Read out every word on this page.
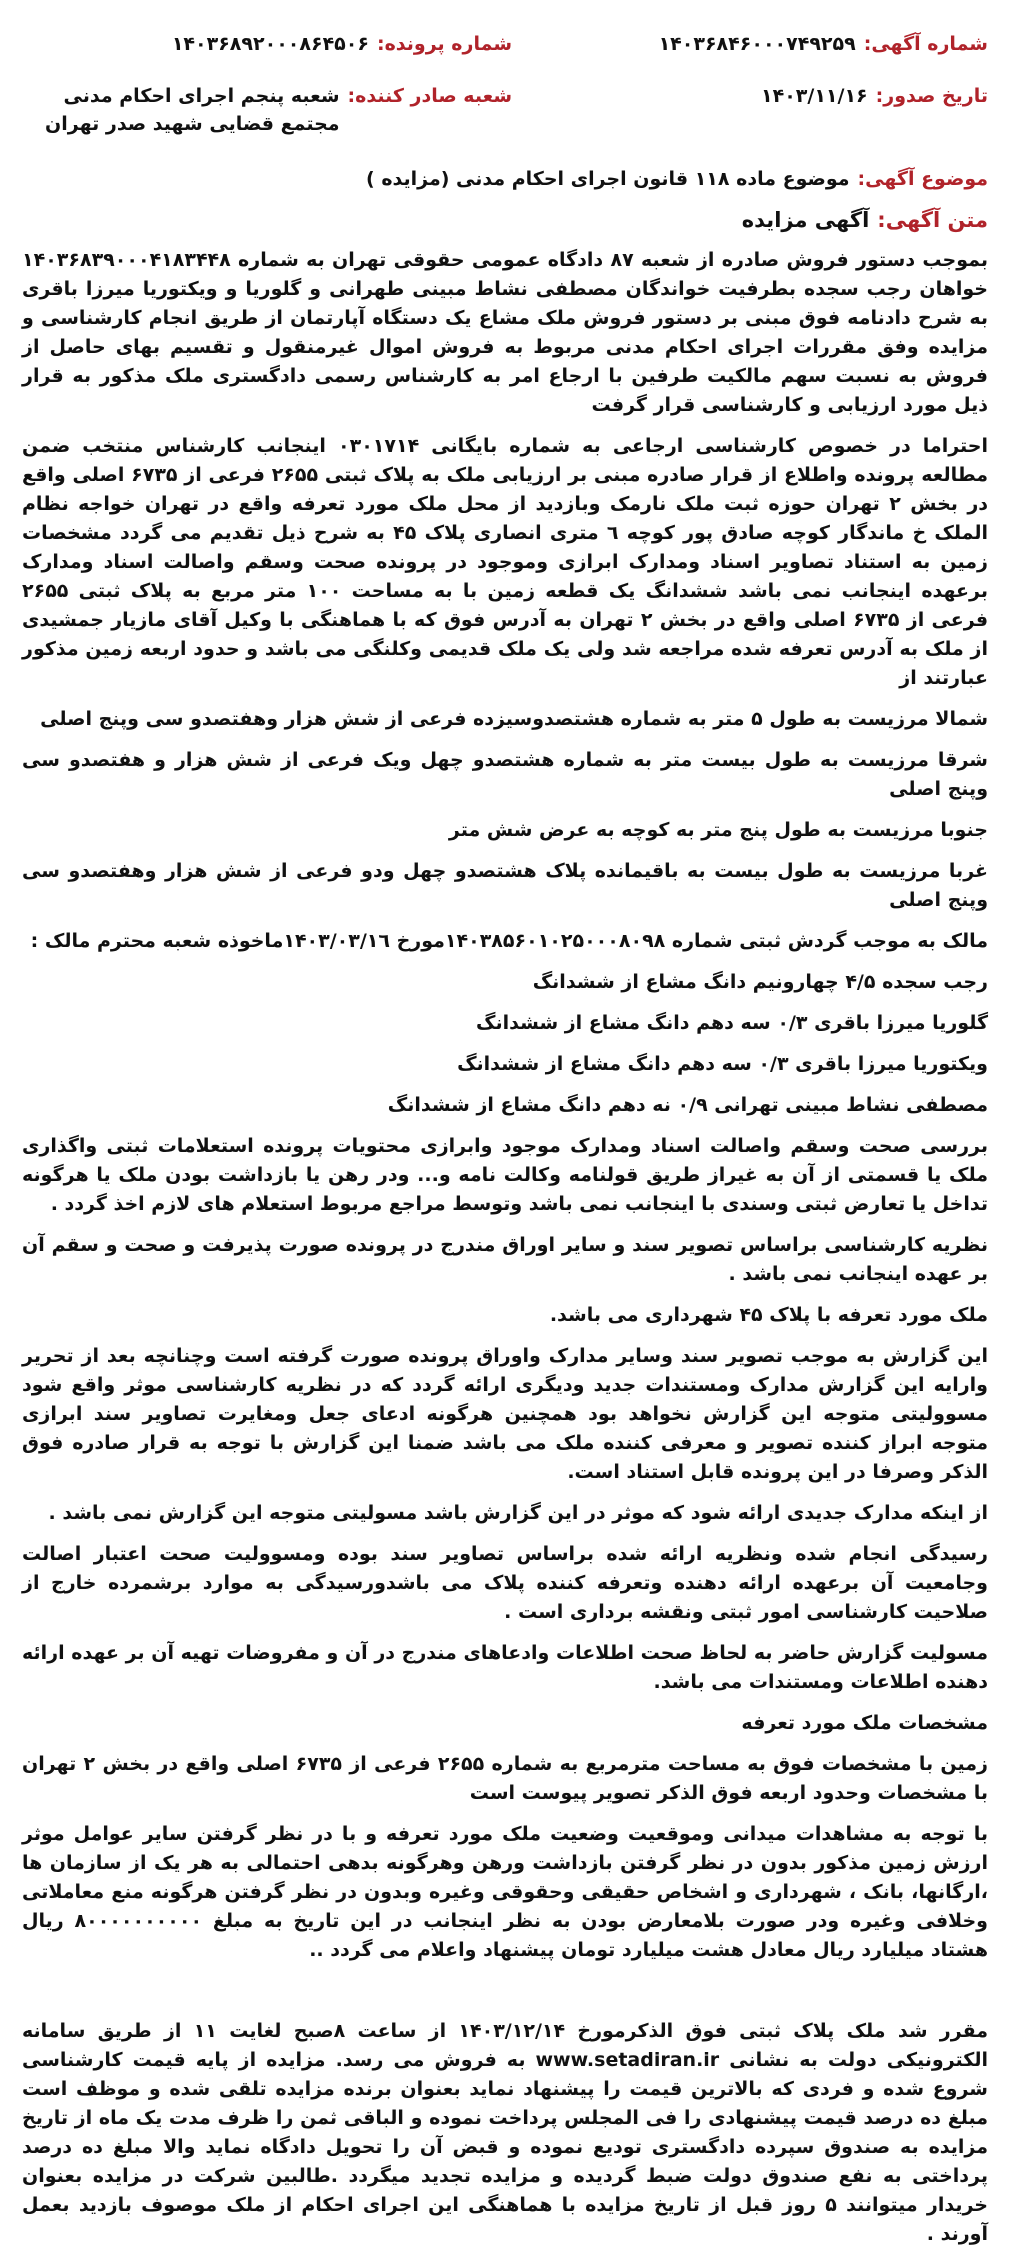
شماره آگهی:
۱۴۰۳۶۸۴۶۰۰۰۷۴۹۲۵۹
تاریخ صدور:
۱۴۰۳/۱۱/۱۶
شماره پرونده:
۱۴۰۳۶۸۹۲۰۰۰۸۶۴۵۰۶
شعبه صادر کننده:
شعبه پنجم اجرای احکام مدنی مجتمع قضایی شهید صدر تهران
موضوع آگهی:
موضوع ماده ۱۱۸ قانون اجرای احکام مدنی (مزایده )
متن آگهی:
آگهی مزایده

بموجب دستور فروش صادره از شعبه ۸۷ دادگاه عمومی حقوقی تهران به شماره ۱۴۰۳۶۸۳۹۰۰۰۴۱۸۳۴۴۸ خواهان رجب سجده بطرفیت خواندگان مصطفی نشاط مبینی طهرانی و گلوریا و ویکتوریا میرزا باقری به شرح دادنامه فوق مبنی بر دستور فروش ملک مشاع یک دستگاه آپارتمان از طریق انجام کارشناسی و مزایده وفق مقررات اجرای احکام مدنی مربوط به فروش اموال غیرمنقول و تقسیم بهای حاصل از فروش به نسبت سهم مالکیت طرفین با ارجاع امر به کارشناس رسمی دادگستری ملک مذکور به قرار ذیل مورد ارزیابی و کارشناسی قرار گرفت

احتراما در خصوص کارشناسی ارجاعی به شماره بایگانی ۰۳۰۱۷۱۴ اینجانب کارشناس منتخب ضمن مطالعه پرونده واطلاع از قرار صادره مبنی بر ارزیابی ملک به پلاک ثبتی ۲۶۵۵ فرعی از ۶۷۳۵ اصلی واقع در بخش ۲ تهران حوزه ثبت ملک نارمک وبازدید از محل ملک مورد تعرفه واقع در تهران خواجه نظام الملک خ ماندگار کوچه صادق پور کوچه ٦ متری انصاری پلاک ۴۵ به شرح ذیل تقدیم می گردد مشخصات زمین به استناد تصاویر اسناد ومدارک ابرازی وموجود در پرونده صحت وسقم واصالت اسناد ومدارک برعهده اینجانب نمی باشد ششدانگ یک قطعه زمین با به مساحت ۱۰۰ متر مربع به پلاک ثبتی ۲۶۵۵ فرعی از ۶۷۳۵ اصلی واقع در بخش ۲ تهران به آدرس فوق که با هماهنگی با وکیل آقای مازیار جمشیدی از ملک به آدرس تعرفه شده مراجعه شد ولی یک ملک قدیمی وکلنگی می باشد و حدود اربعه زمین مذکور عبارتند از

شمالا مرزیست به طول ۵ متر به شماره هشتصدوسیزده فرعی از شش هزار وهفتصدو سی وپنج اصلی

شرقا مرزیست به طول بیست متر به شماره هشتصدو چهل ویک فرعی از شش هزار و هفتصدو سی وپنج اصلی

جنوبا مرزیست به طول پنج متر به کوچه به عرض شش متر

غربا مرزیست به طول بیست به باقیمانده پلاک هشتصدو چهل ودو فرعی از شش هزار وهفتصدو سی وپنج اصلی

مالک به موجب گردش ثبتی شماره ۱۴۰۳۸۵۶۰۱۰۲۵۰۰۰۸۰۹۸مورخ ۱۴۰۳/۰۳/۱٦ماخوذه شعبه محترم مالک :

رجب سجده ۴/۵ چهارونیم دانگ مشاع از ششدانگ

گلوریا میرزا باقری ۰/۳ سه دهم دانگ مشاع از ششدانگ

ویکتوریا میرزا باقری ۰/۳ سه دهم دانگ مشاع از ششدانگ

مصطفی نشاط مبینی تهرانی ۰/۹ نه دهم دانگ مشاع از ششدانگ

بررسی صحت وسقم واصالت اسناد ومدارک موجود وابرازی محتویات پرونده استعلامات ثبتی واگذاری ملک یا قسمتی از آن به غیراز طریق قولنامه وکالت نامه و... ودر رهن یا بازداشت بودن ملک یا هرگونه تداخل یا تعارض ثبتی وسندی با اینجانب نمی باشد وتوسط مراجع مربوط استعلام های لازم اخذ گردد .

نظریه کارشناسی براساس تصویر سند و سایر اوراق مندرج در پرونده صورت پذیرفت و صحت و سقم آن بر عهده اینجانب نمی باشد .

ملک مورد تعرفه با پلاک ۴۵ شهرداری می باشد.

این گزارش به موجب تصویر سند وسایر مدارک واوراق پرونده صورت گرفته است وچنانچه بعد از تحریر وارایه این گزارش مدارک ومستندات جدید ودیگری ارائه گردد که در نظریه کارشناسی موثر واقع شود مسوولیتی متوجه این گزارش نخواهد بود همچنین هرگونه ادعای جعل ومغایرت تصاویر سند ابرازی متوجه ابراز کننده تصویر و معرفی کننده ملک می باشد ضمنا این گزارش با توجه به قرار صادره فوق الذکر وصرفا در این پرونده قابل استناد است.

از اینکه مدارک جدیدی ارائه شود که موثر در این گزارش باشد مسولیتی متوجه این گزارش نمی باشد .

رسیدگی انجام شده ونظریه ارائه شده براساس تصاویر سند بوده ومسوولیت صحت اعتبار اصالت وجامعیت آن برعهده ارائه دهنده وتعرفه کننده پلاک می باشدورسیدگی به موارد برشمرده خارج از صلاحیت کارشناسی امور ثبتی ونقشه برداری است .

مسولیت گزارش حاضر به لحاظ صحت اطلاعات وادعاهای مندرج در آن و مفروضات تهیه آن بر عهده ارائه دهنده اطلاعات ومستندات می باشد.

مشخصات ملک مورد تعرفه

زمین با مشخصات فوق به مساحت مترمربع به شماره ۲۶۵۵ فرعی از ۶۷۳۵ اصلی واقع در بخش ۲ تهران با مشخصات وحدود اربعه فوق الذکر تصویر پیوست است

با توجه به مشاهدات میدانی وموقعیت وضعیت ملک مورد تعرفه و با در نظر گرفتن سایر عوامل موثر ارزش زمین مذکور بدون در نظر گرفتن بازداشت ورهن وهرگونه بدهی احتمالی به هر یک از سازمان ها ،ارگانها، بانک ، شهرداری و اشخاص حقیقی وحقوقی وغیره وبدون در نظر گرفتن هرگونه منع معاملاتی وخلافی وغیره ودر صورت بلامعارض بودن به نظر اینجانب در این تاریخ به مبلغ ۸۰۰۰۰۰۰۰۰۰۰ ریال هشتاد میلیارد ریال معادل هشت میلیارد تومان پیشنهاد واعلام می گردد ..

مقرر شد ملک پلاک ثبتی فوق الذکرمورخ ۱۴۰۳/۱۲/۱۴ از ساعت ۸صبح لغایت ۱۱ از طریق سامانه الکترونیکی دولت به نشانی www.setadiran.ir به فروش می رسد. مزایده از پایه قیمت کارشناسی شروع شده و فردی که بالاترین قیمت را پیشنهاد نماید بعنوان برنده مزایده تلقی شده و موظف است مبلغ ده درصد قیمت پیشنهادی را فی المجلس پرداخت نموده و الباقی ثمن را ظرف مدت یک ماه از تاریخ مزایده به صندوق سپرده دادگستری تودیع نموده و قبض آن را تحویل دادگاه نماید والا مبلغ ده درصد پرداختی به نفع صندوق دولت ضبط گردیده و مزایده تجدید میگردد .طالبین شرکت در مزایده بعنوان خریدار میتوانند ۵ روز قبل از تاریخ مزایده با هماهنگی این اجرای احکام از ملک موصوف بازدید بعمل آورند .
